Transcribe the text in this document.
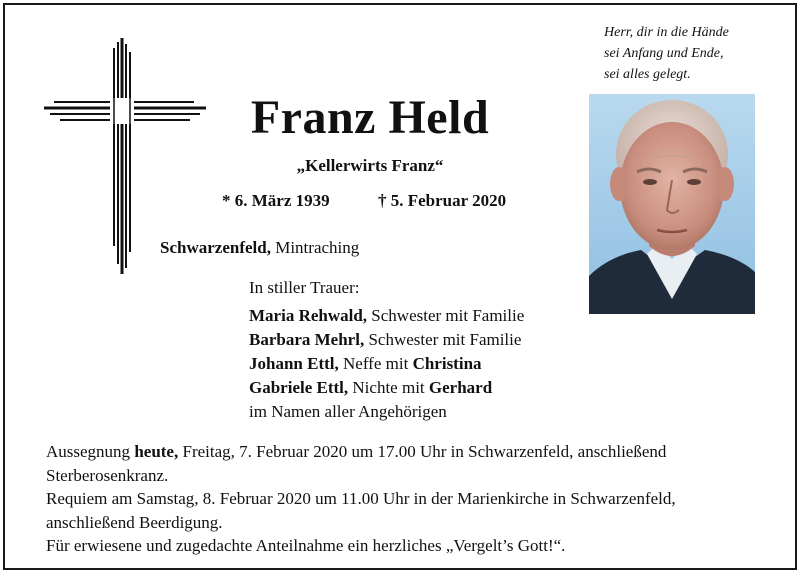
Franz Held
„Kellerwirts Franz“
* 6. März 1939	† 5. Februar 2020
Schwarzenfeld, Mintraching
Herr, dir in die Hände
sei Anfang und Ende,
sei alles gelegt.
In stiller Trauer:
Maria Rehwald, Schwester mit Familie
Barbara Mehrl, Schwester mit Familie
Johann Ettl, Neffe mit Christina
Gabriele Ettl, Nichte mit Gerhard
im Namen aller Angehörigen
Aussegnung heute, Freitag, 7. Februar 2020 um 17.00 Uhr in Schwarzenfeld, anschließend
Sterberosenkranz.
Requiem am Samstag, 8. Februar 2020 um 11.00 Uhr in der Marienkirche in Schwarzenfeld,
anschließend Beerdigung.
Für erwiesene und zugedachte Anteilnahme ein herzliches „Vergelt’s Gott!“.
